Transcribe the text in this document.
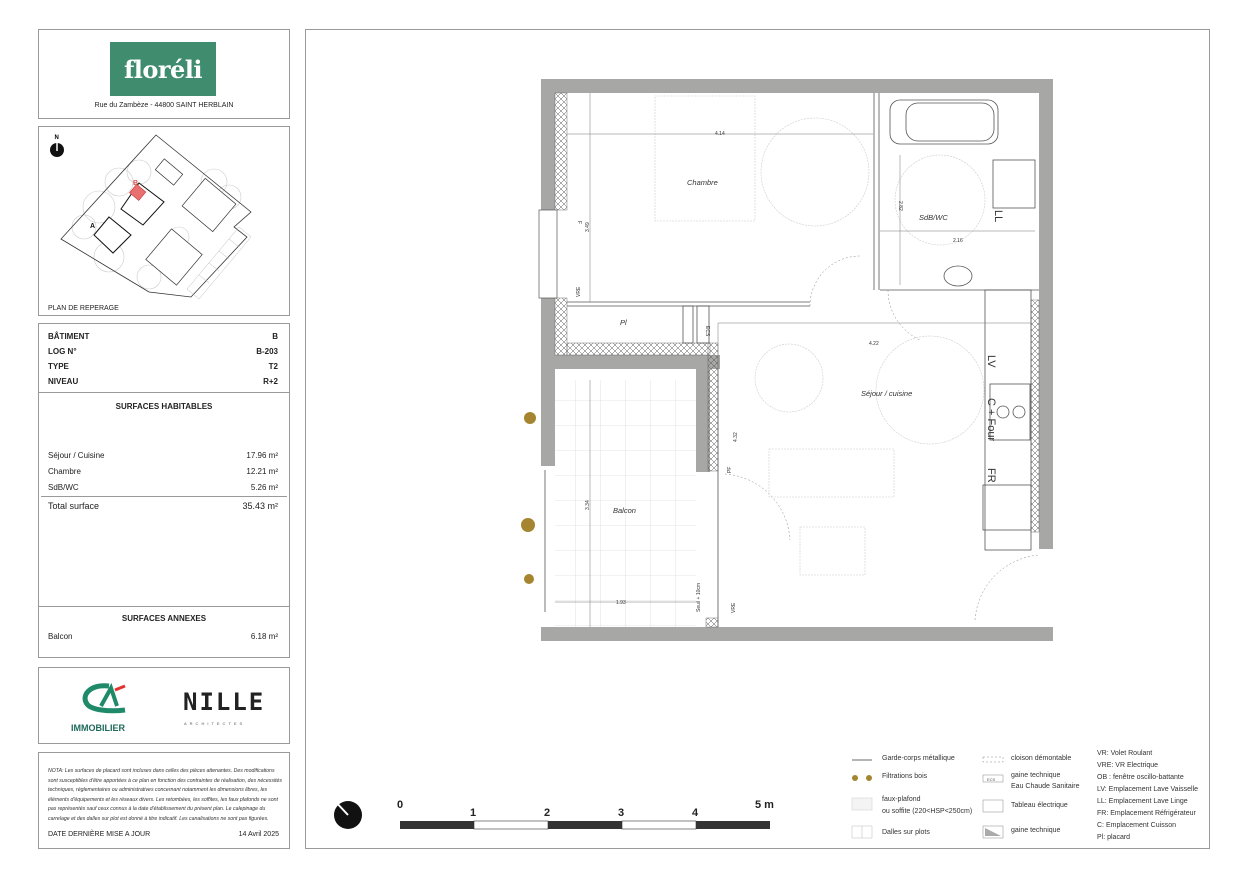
floréli
Rue du Zambèze - 44800 SAINT HERBLAIN
N
B
A
PLAN DE REPERAGE
BÂTIMENT	B
LOG N°	B-203
TYPE	T2
NIVEAU	R+2
SURFACES HABITABLES
Séjour / Cuisine	17.96 m²
Chambre	12.21 m²
SdB/WC	5.26 m²
Total surface	35.43 m²
SURFACES ANNEXES
Balcon	6.18 m²
IMMOBILIER
NILLE
ARCHITECTES
NOTA: Les surfaces de placard sont incluses dans celles des pièces attenantes. Des modifications sont susceptibles d'être apportées à ce plan en fonction des contraintes de réalisation, des nécessités techniques, réglementaires ou administratives concernant notamment les dimensions libres, les éléments d'équipements et les réseaux divers. Les retombées, les soffites, les faux plafonds ne sont pas représentés sauf ceux connus à la date d'établissement du présent plan. Le calepinage du carrelage et des dalles sur plot est donné à titre indicatif. Les canalisations ne sont pas figurées.
DATE DERNIÈRE MISE A JOUR	14 Avril 2025
Chambre
SdB/WC
Pl
Séjour / cuisine
Balcon
4.14
3.49
2.82
2.16
4.22
4.32
3.34
1.93	Seuil + 10cm
F
VRE
VRE
ECS
PF
LL
LV
C + Four
FR
0
1	2	3	4
5 m
ECS
Garde-corps métallique
Filtrations bois
faux-plafond
ou soffite (220<HSP<250cm)
Dalles sur plots
cloison démontable
gaine technique
Eau Chaude Sanitaire
Tableau électrique
gaine technique
VR: Volet Roulant
VRE: VR Electrique
OB : fenêtre oscillo-battante
LV: Emplacement Lave Vaisselle
LL: Emplacement Lave Linge
FR: Emplacement Réfrigérateur
C: Emplacement Cuisson
Pl: placard
